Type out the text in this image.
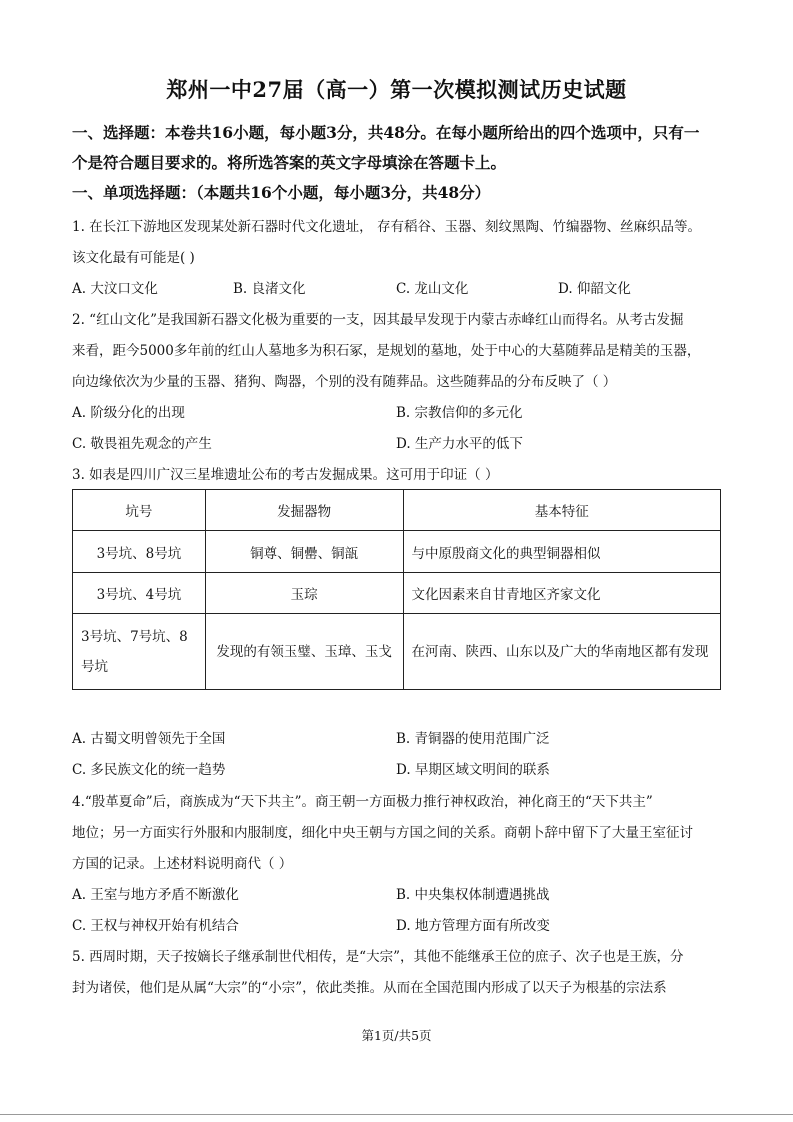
郑州一中27届（高一）第一次模拟测试历史试题
一、选择题：本卷共16小题，每小题3分，共48分。在每小题所给出的四个选项中，只有一
个是符合题目要求的。将所选答案的英文字母填涂在答题卡上。
一、单项选择题：（本题共16个小题，每小题3分，共48分）
1. 在长江下游地区发现某处新石器时代文化遗址， 存有稻谷、玉器、刻纹黑陶、竹编器物、丝麻织品等。
该文化最有可能是( )
A. 大汶口文化	B. 良渚文化	C. 龙山文化	D. 仰韶文化
2. “红山文化”是我国新石器文化极为重要的一支，因其最早发现于内蒙古赤峰红山而得名。从考古发掘
来看，距今5000多年前的红山人墓地多为积石冢，是规划的墓地，处于中心的大墓随葬品是精美的玉器，
向边缘依次为少量的玉器、猪狗、陶器，个别的没有随葬品。这些随葬品的分布反映了（ ）
A. 阶级分化的出现	B. 宗教信仰的多元化
C. 敬畏祖先观念的产生	D. 生产力水平的低下
3. 如表是四川广汉三星堆遗址公布的考古发掘成果。这可用于印证（ ）
坑号	发掘器物	基本特征
3号坑、8号坑	铜尊、铜罍、铜瓿	与中原殷商文化的典型铜器相似
3号坑、4号坑	玉琮	文化因素来自甘青地区齐家文化
3号坑、7号坑、8号坑	发现的有领玉璧、玉璋、玉戈	在河南、陕西、山东以及广大的华南地区都有发现
A. 古蜀文明曾领先于全国	B. 青铜器的使用范围广泛
C. 多民族文化的统一趋势	D. 早期区域文明间的联系
4.“殷革夏命”后，商族成为“天下共主”。商王朝一方面极力推行神权政治，神化商王的“天下共主”
地位；另一方面实行外服和内服制度，细化中央王朝与方国之间的关系。商朝卜辞中留下了大量王室征讨
方国的记录。上述材料说明商代（ ）
A. 王室与地方矛盾不断激化	B. 中央集权体制遭遇挑战
C. 王权与神权开始有机结合	D. 地方管理方面有所改变
5. 西周时期，天子按嫡长子继承制世代相传，是“大宗”，其他不能继承王位的庶子、次子也是王族，分
封为诸侯，他们是从属“大宗”的“小宗”，依此类推。从而在全国范围内形成了以天子为根基的宗法系
第1页/共5页
